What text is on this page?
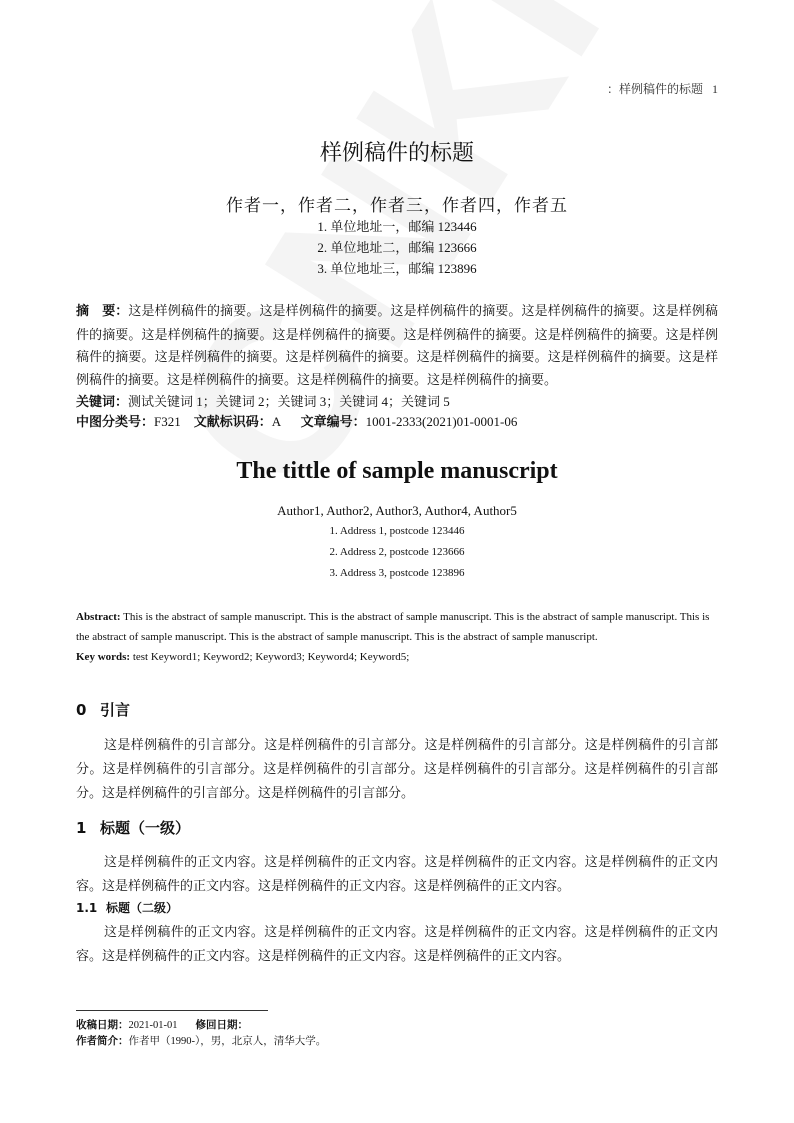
：样例稿件的标题 1
样例稿件的标题
作者一，作者二，作者三，作者四，作者五
1. 单位地址一，邮编 123446
2. 单位地址二，邮编 123666
3. 单位地址三，邮编 123896
摘　要：这是样例稿件的摘要。这是样例稿件的摘要。这是样例稿件的摘要。这是样例稿件的摘要。这是样例稿件的摘要。这是样例稿件的摘要。这是样例稿件的摘要。这是样例稿件的摘要。这是样例稿件的摘要。这是样例稿件的摘要。这是样例稿件的摘要。这是样例稿件的摘要。这是样例稿件的摘要。这是样例稿件的摘要。这是样例稿件的摘要。这是样例稿件的摘要。这是样例稿件的摘要。这是样例稿件的摘要。
关键词：测试关键词 1；关键词 2；关键词 3；关键词 4；关键词 5
中图分类号：F321 文献标识码：A 文章编号：1001-2333(2021)01-0001-06
The tittle of sample manuscript
Author1, Author2, Author3, Author4, Author5
1. Address 1, postcode 123446
2. Address 2, postcode 123666
3. Address 3, postcode 123896
Abstract: This is the abstract of sample manuscript. This is the abstract of sample manuscript. This is the abstract of sample manuscript. This is the abstract of sample manuscript. This is the abstract of sample manuscript. This is the abstract of sample manuscript.
Key words: test Keyword1; Keyword2; Keyword3; Keyword4; Keyword5;
0 引言
这是样例稿件的引言部分。这是样例稿件的引言部分。这是样例稿件的引言部分。这是样例稿件的引言部分。这是样例稿件的引言部分。这是样例稿件的引言部分。这是样例稿件的引言部分。这是样例稿件的引言部分。这是样例稿件的引言部分。这是样例稿件的引言部分。
1 标题（一级）
这是样例稿件的正文内容。这是样例稿件的正文内容。这是样例稿件的正文内容。这是样例稿件的正文内容。这是样例稿件的正文内容。这是样例稿件的正文内容。这是样例稿件的正文内容。
1.1 标题（二级）
这是样例稿件的正文内容。这是样例稿件的正文内容。这是样例稿件的正文内容。这是样例稿件的正文内容。这是样例稿件的正文内容。这是样例稿件的正文内容。这是样例稿件的正文内容。
收稿日期：2021-01-01 修回日期：
作者简介：作者甲（1990-），男，北京人，清华大学。
